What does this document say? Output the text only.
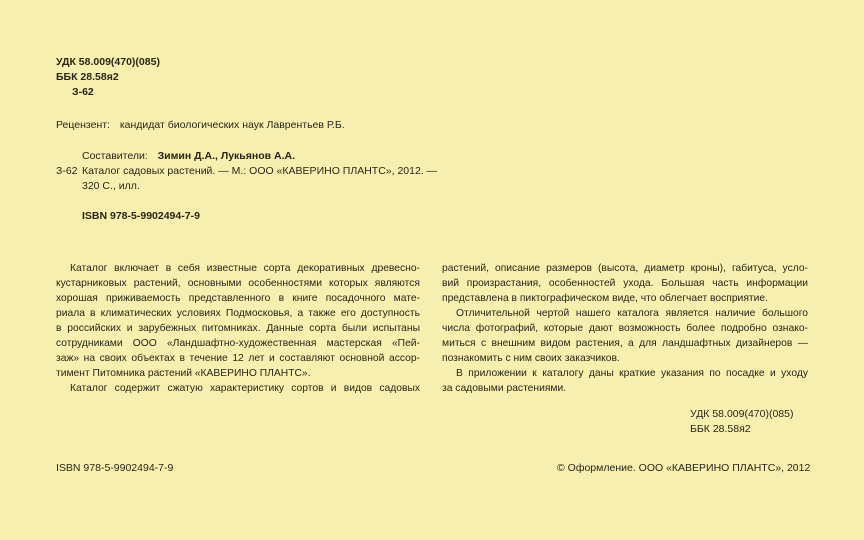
УДК 58.009(470)(085)
ББК 28.58я2
З-62
Рецензент: кандидат биологических наук Лаврентьев Р.Б.
Составители: Зимин Д.А., Лукьянов А.А.
З-62 Каталог садовых растений. — М.: ООО «КАВЕРИНО ПЛАНТС», 2012. —
320 С., илл.
ISBN 978-5-9902494-7-9
Каталог включает в себя известные сорта декоративных древесно-
кустарниковых растений, основными особенностями которых являются
хорошая приживаемость представленного в книге посадочного мате-
риала в климатических условиях Подмосковья, а также его доступность
в российских и зарубежных питомниках. Данные сорта были испытаны
сотрудниками ООО «Ландшафтно-художественная мастерская «Пей-
заж» на своих объектах в течение 12 лет и составляют основной ассор-
тимент Питомника растений «КАВЕРИНО ПЛАНТС».
Каталог содержит сжатую характеристику сортов и видов садовых
растений, описание размеров (высота, диаметр кроны), габитуса, усло-
вий произрастания, особенностей ухода. Большая часть информации
представлена в пиктографическом виде, что облегчает восприятие.
Отличительной чертой нашего каталога является наличие большого
числа фотографий, которые дают возможность более подробно ознако-
миться с внешним видом растения, а для ландшафтных дизайнеров —
познакомить с ним своих заказчиков.
В приложении к каталогу даны краткие указания по посадке и уходу
за садовыми растениями.
УДК 58.009(470)(085)
ББК 28.58я2
ISBN 978-5-9902494-7-9	© Оформление. ООО «КАВЕРИНО ПЛАНТС», 2012
